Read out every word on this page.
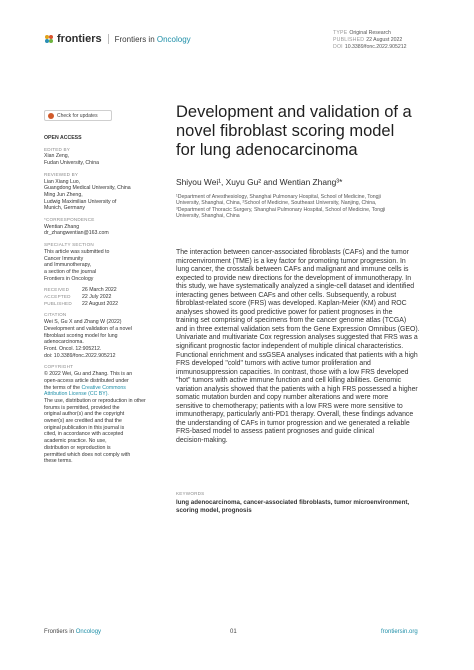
frontiers Frontiers in Oncology
TYPE Original Research
PUBLISHED 22 August 2022
DOI 10.3389/fonc.2022.905212
Check for updates
OPEN ACCESS
EDITED BY
Xian Zeng,
Fudan University, China
REVIEWED BY
Lian Xiang Luo,
Guangdong Medical University, China
Ming Jun Zheng,
Ludwig Maximilian University of
Munich, Germany
*CORRESPONDENCE
Wentian Zhang
dr_zhangwentian@163.com
SPECIALTY SECTION
This article was submitted to
Cancer Immunity
and Immunotherapy,
a section of the journal
Frontiers in Oncology
RECEIVED	26 March 2022
ACCEPTED	22 July 2022
PUBLISHED	22 August 2022
CITATION
Wei S, Gu X and Zhang W (2022)
Development and validation of a novel
fibroblast scoring model for lung
adenocarcinoma.
Front. Oncol. 12:905212.
doi: 10.3389/fonc.2022.905212
COPYRIGHT
© 2022 Wei, Gu and Zhang. This is an
open-access article distributed under
the terms of the Creative Commons
Attribution License (CC BY).
The use, distribution or reproduction in other
forums is permitted, provided the
original author(s) and the copyright
owner(s) are credited and that the
original publication in this journal is
cited, in accordance with accepted
academic practice. No use,
distribution or reproduction is
permitted which does not comply with
these terms.
Development and validation of a
novel fibroblast scoring model
for lung adenocarcinoma
Shiyou Wei¹, Xuyu Gu² and Wentian Zhang³*
¹Department of Anesthesiology, Shanghai Pulmonary Hospital, School of Medicine, Tongji
University, Shanghai, China, ²School of Medicine, Southeast University, Nanjing, China,
³Department of Thoracic Surgery, Shanghai Pulmonary Hospital, School of Medicine, Tongji
University, Shanghai, China
The interaction between cancer-associated fibroblasts (CAFs) and the tumor
microenvironment (TME) is a key factor for promoting tumor progression. In
lung cancer, the crosstalk between CAFs and malignant and immune cells is
expected to provide new directions for the development of immunotherapy. In
this study, we have systematically analyzed a single-cell dataset and identified
interacting genes between CAFs and other cells. Subsequently, a robust
fibroblast-related score (FRS) was developed. Kaplan-Meier (KM) and ROC
analyses showed its good predictive power for patient prognoses in the
training set comprising of specimens from the cancer genome atlas (TCGA)
and in three external validation sets from the Gene Expression Omnibus (GEO).
Univariate and multivariate Cox regression analyses suggested that FRS was a
significant prognostic factor independent of multiple clinical characteristics.
Functional enrichment and ssGSEA analyses indicated that patients with a high
FRS developed "cold" tumors with active tumor proliferation and
immunosuppression capacities. In contrast, those with a low FRS developed
"hot" tumors with active immune function and cell killing abilities. Genomic
variation analysis showed that the patients with a high FRS possessed a higher
somatic mutation burden and copy number alterations and were more
sensitive to chemotherapy; patients with a low FRS were more sensitive to
immunotherapy, particularly anti-PD1 therapy. Overall, these findings advance
the understanding of CAFs in tumor progression and we generated a reliable
FRS-based model to assess patient prognoses and guide clinical
decision-making.
KEYWORDS
lung adenocarcinoma, cancer-associated fibroblasts, tumor microenvironment,
scoring model, prognosis
Frontiers in Oncology	01	frontiersin.org
